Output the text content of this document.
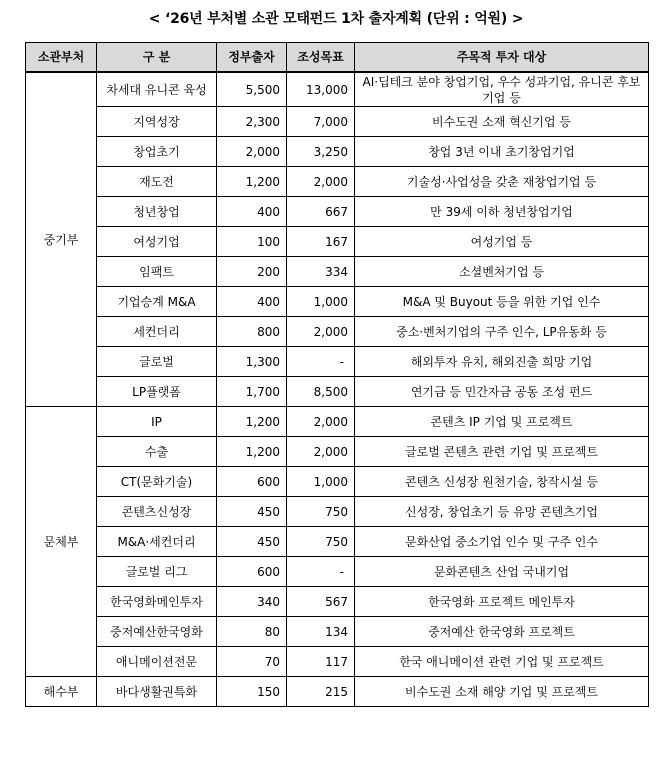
< ‘26년 부처별 소관 모태펀드 1차 출자계획 (단위 : 억원) >
소관부처	구 분	정부출자	조성목표	주목적 투자 대상
중기부	차세대 유니콘 육성	5,500	13,000	AI·딥테크 분야 창업기업, 우수 성과기업, 유니콘 후보기업 등
	지역성장	2,300	7,000	비수도권 소재 혁신기업 등
	창업초기	2,000	3,250	창업 3년 이내 초기창업기업
	재도전	1,200	2,000	기술성·사업성을 갖춘 재창업기업 등
	청년창업	400	667	만 39세 이하 청년창업기업
	여성기업	100	167	여성기업 등
	임팩트	200	334	소셜벤처기업 등
	기업승계 M&A	400	1,000	M&A 및 Buyout 등을 위한 기업 인수
	세컨더리	800	2,000	중소·벤처기업의 구주 인수, LP유동화 등
	글로벌	1,300	-	해외투자 유치, 해외진출 희망 기업
	LP플랫폼	1,700	8,500	연기금 등 민간자금 공동 조성 펀드
문체부	IP	1,200	2,000	콘텐츠 IP 기업 및 프로젝트
	수출	1,200	2,000	글로벌 콘텐츠 관련 기업 및 프로젝트
	CT(문화기술)	600	1,000	콘텐츠 신성장 원천기술, 창작시설 등
	콘텐츠신성장	450	750	신성장, 창업초기 등 유망 콘텐츠기업
	M&A·세컨더리	450	750	문화산업 중소기업 인수 및 구주 인수
	글로벌 리그	600	-	문화콘텐츠 산업 국내기업
	한국영화메인투자	340	567	한국영화 프로젝트 메인투자
	중저예산한국영화	80	134	중저예산 한국영화 프로젝트
	애니메이션전문	70	117	한국 애니메이션 관련 기업 및 프로젝트
해수부	바다생활권특화	150	215	비수도권 소재 해양 기업 및 프로젝트
